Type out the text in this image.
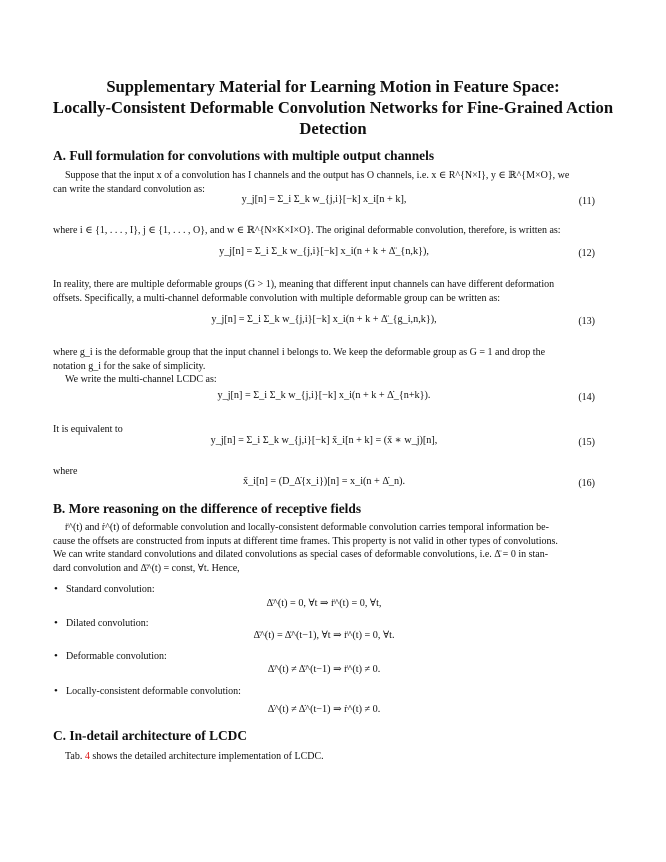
Supplementary Material for Learning Motion in Feature Space:
Locally-Consistent Deformable Convolution Networks for Fine-Grained Action
Detection
A. Full formulation for convolutions with multiple output channels
Suppose that the input x of a convolution has I channels and the output has O channels, i.e. x ∈ R^{N×I}, y ∈ ℝ^{M×O}, we
can write the standard convolution as:
y_j[n] = Σ_i Σ_k w_{j,i}[−k] x_i[n + k],	(11)
where i ∈ {1, . . . , I}, j ∈ {1, . . . , O}, and w ∈ ℝ^{N×K×I×O}. The original deformable convolution, therefore, is written as:
y_j[n] = Σ_i Σ_k w_{j,i}[−k] x_i(n + k + Δ̈_{n,k}),	(12)
In reality, there are multiple deformable groups (G > 1), meaning that different input channels can have different deformation
offsets. Specifically, a multi-channel deformable convolution with multiple deformable group can be written as:
y_j[n] = Σ_i Σ_k w_{j,i}[−k] x_i(n + k + Δ̈_{g_i,n,k}),	(13)
where g_i is the deformable group that the input channel i belongs to. We keep the deformable group as G = 1 and drop the
notation g_i for the sake of simplicity.
We write the multi-channel LCDC as:
y_j[n] = Σ_i Σ_k w_{j,i}[−k] x_i(n + k + Δ̇_{n+k}).	(14)
It is equivalent to
y_j[n] = Σ_i Σ_k w_{j,i}[−k] x̃_i[n + k] = (x̃ ∗ w_j)[n],	(15)
where
x̃_i[n] = (D_Δ̇{x_i})[n] = x_i(n + Δ̇_n).	(16)
B. More reasoning on the difference of receptive fields
r̈^(t) and ṙ^(t) of deformable convolution and locally-consistent deformable convolution carries temporal information be-
cause the offsets are constructed from inputs at different time frames. This property is not valid in other types of convolutions.
We can write standard convolutions and dilated convolutions as special cases of deformable convolutions, i.e. Δ̈ = 0 in stan-
dard convolution and Δ̈^(t) = const, ∀t. Hence,
• Standard convolution:
Δ̈^(t) = 0, ∀t ⇒ r̈^(t) = 0, ∀t,
• Dilated convolution:
Δ̈^(t) = Δ̈^(t−1), ∀t ⇒ r̈^(t) = 0, ∀t.
• Deformable convolution:
Δ̈^(t) ≠ Δ̈^(t−1) ⇒ r̈^(t) ≠ 0.
• Locally-consistent deformable convolution:
Δ̇^(t) ≠ Δ̇^(t−1) ⇒ ṙ^(t) ≠ 0.
C. In-detail architecture of LCDC
Tab. 4 shows the detailed architecture implementation of LCDC.
